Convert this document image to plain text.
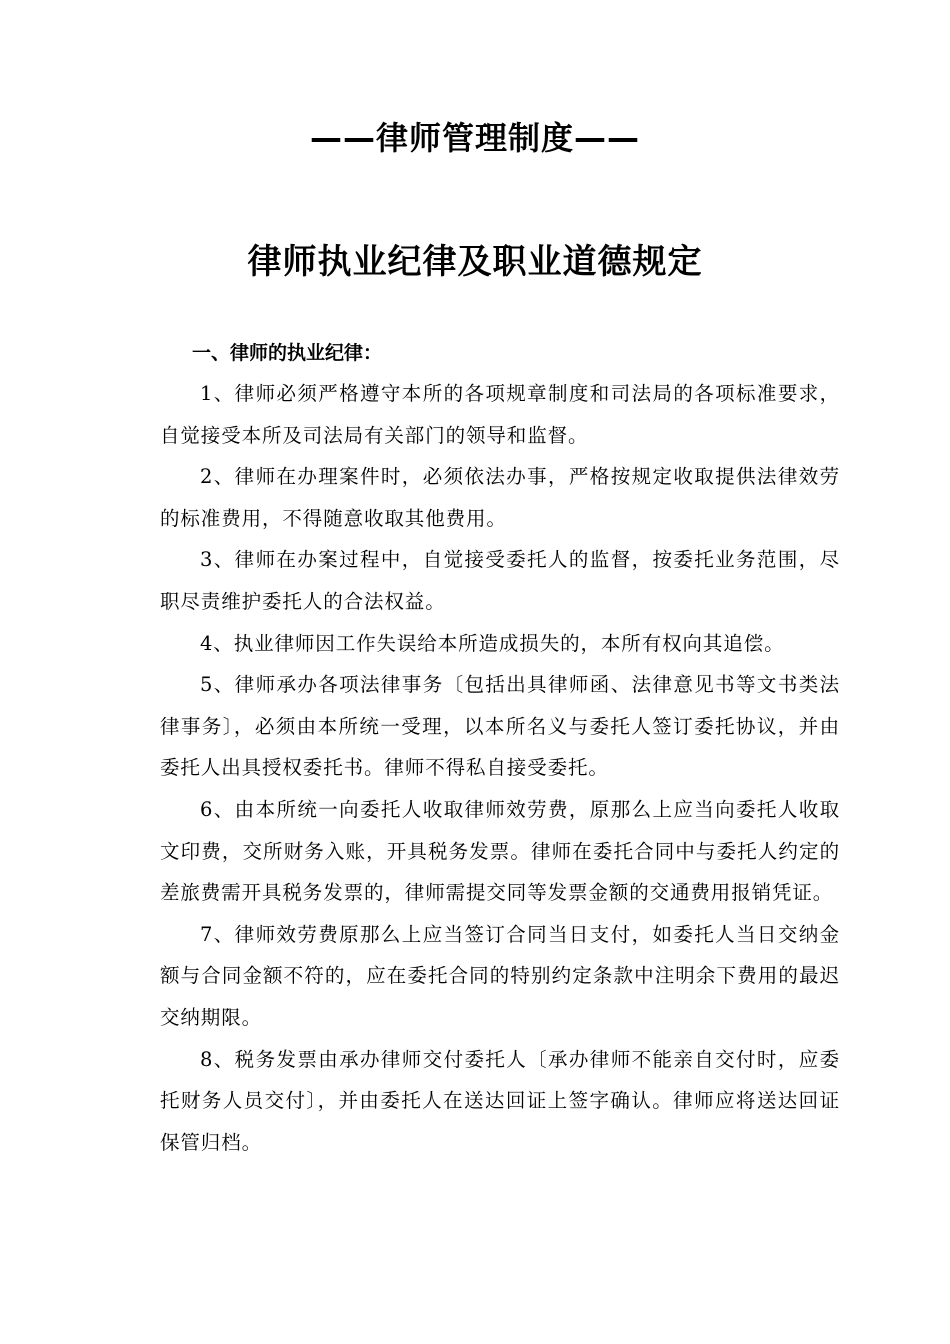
——律师管理制度——
律师执业纪律及职业道德规定
一、律师的执业纪律：

1、律师必须严格遵守本所的各项规章制度和司法局的各项标准要求，自觉接受本所及司法局有关部门的领导和监督。

2、律师在办理案件时，必须依法办事，严格按规定收取提供法律效劳的标准费用，不得随意收取其他费用。

3、律师在办案过程中，自觉接受委托人的监督，按委托业务范围，尽职尽责维护委托人的合法权益。

4、执业律师因工作失误给本所造成损失的，本所有权向其追偿。

5、律师承办各项法律事务〔包括出具律师函、法律意见书等文书类法律事务〕，必须由本所统一受理，以本所名义与委托人签订委托协议，并由委托人出具授权委托书。律师不得私自接受委托。

6、由本所统一向委托人收取律师效劳费，原那么上应当向委托人收取文印费，交所财务入账，开具税务发票。律师在委托合同中与委托人约定的差旅费需开具税务发票的，律师需提交同等发票金额的交通费用报销凭证。

7、律师效劳费原那么上应当签订合同当日支付，如委托人当日交纳金额与合同金额不符的，应在委托合同的特别约定条款中注明余下费用的最迟交纳期限。

8、税务发票由承办律师交付委托人〔承办律师不能亲自交付时，应委托财务人员交付〕，并由委托人在送达回证上签字确认。律师应将送达回证保管归档。
